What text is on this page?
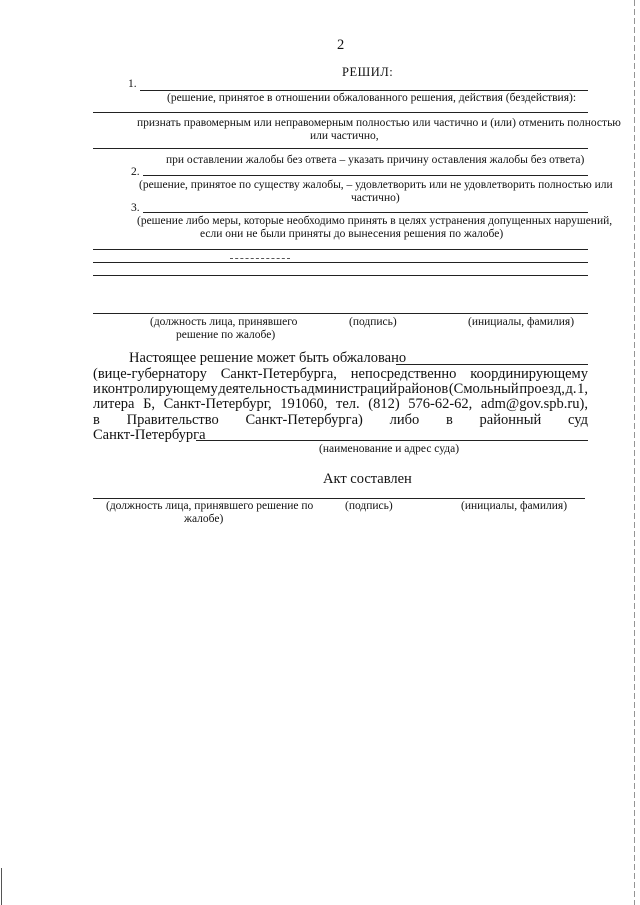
2
РЕШИЛ:
1.
(решение, принятое в отношении обжалованного решения, действия (бездействия):
признать правомерным или неправомерным полностью или частично и (или) отменить полностью
или частично,
при оставлении жалобы без ответа – указать причину оставления жалобы без ответа)
2.
(решение, принятое по существу жалобы, – удовлетворить или не удовлетворить полностью или
частично)
3.
(решение либо меры, которые необходимо принять в целях устранения допущенных нарушений,
если они не были приняты до вынесения решения по жалобе)
(должность лица, принявшего
решение по жалобе)
(подпись)	(инициалы, фамилия)
Настоящее решение может быть обжаловано
(вице-губернатору Санкт-Петербурга, непосредственно координирующему
и контролирующему деятельность администраций районов (Смольный проезд, д. 1,
литера Б, Санкт-Петербург, 191060, тел. (812) 576-62-62, adm@gov.spb.ru),
в Правительство Санкт-Петербурга) либо в районный суд
Санкт-Петербурга
(наименование и адрес суда)
Акт составлен
(должность лица, принявшего решение по
жалобе)
(подпись)	(инициалы, фамилия)
